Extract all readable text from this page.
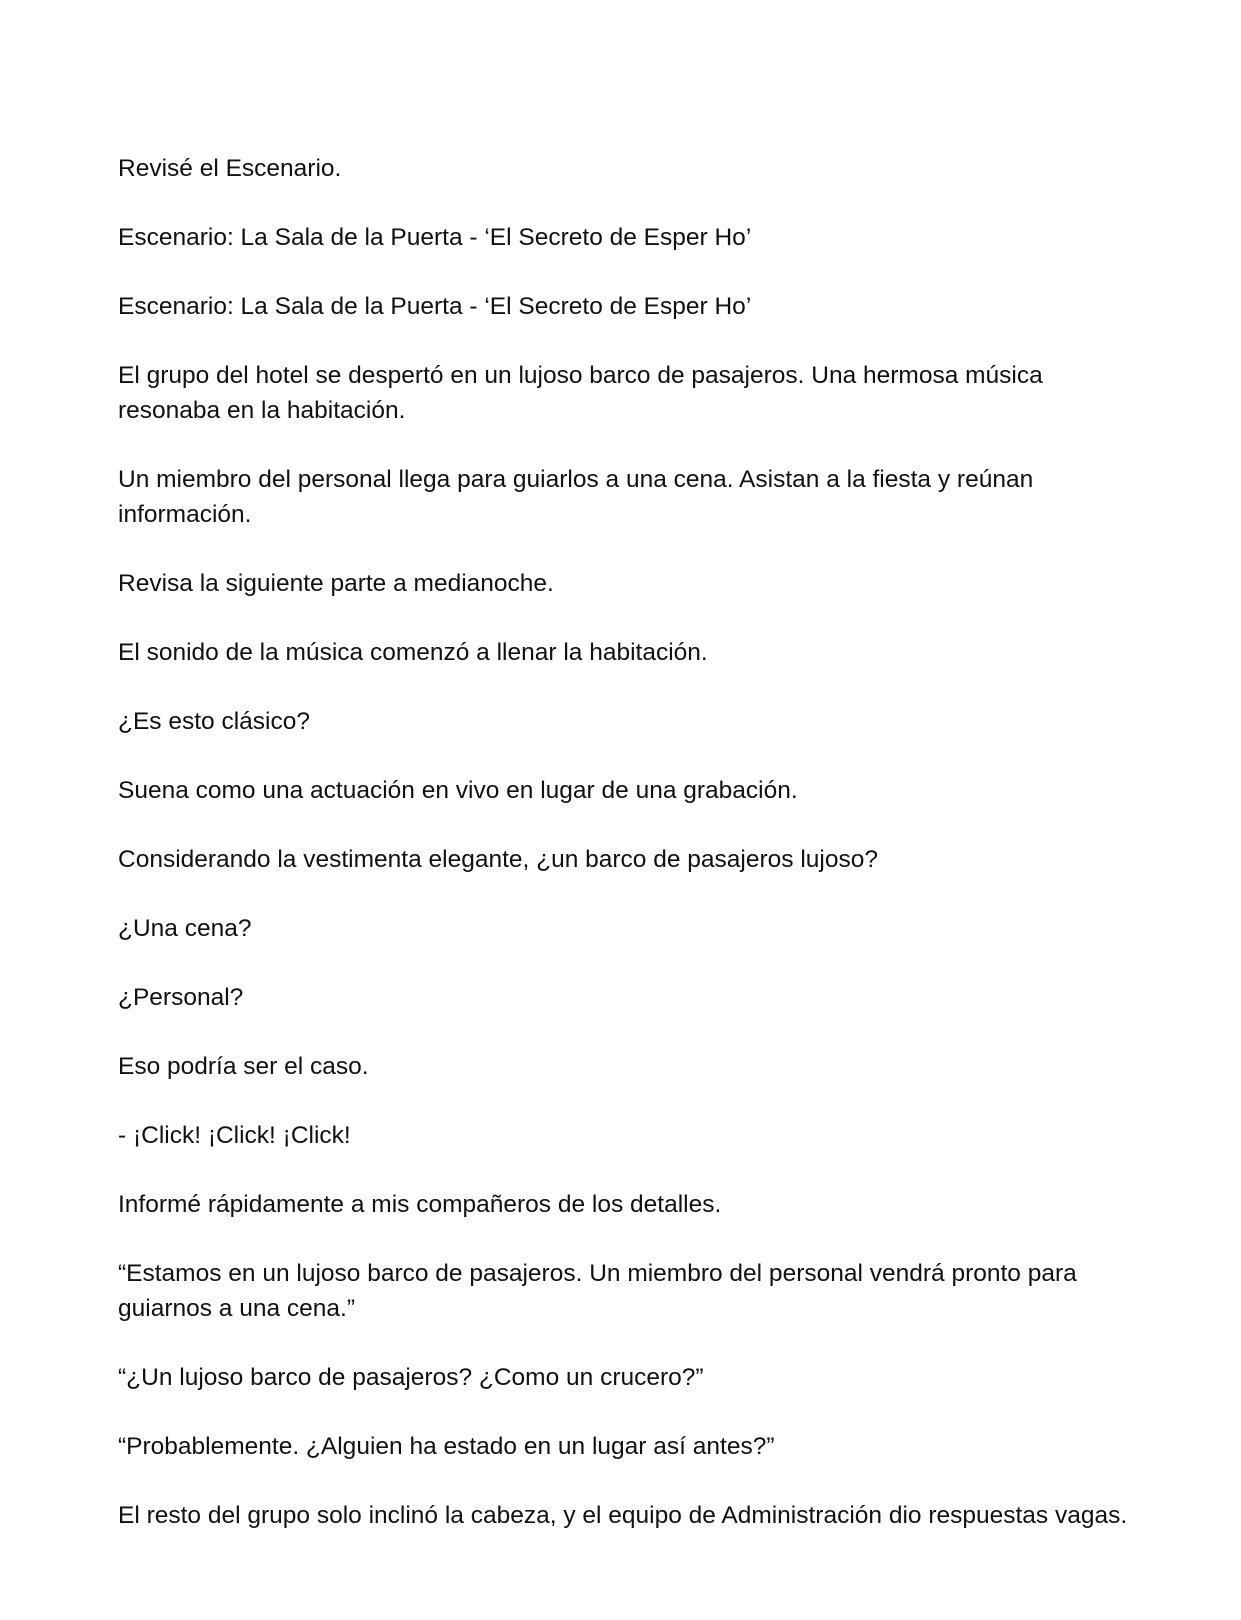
Revisé el Escenario.

Escenario: La Sala de la Puerta - ‘El Secreto de Esper Ho’

Escenario: La Sala de la Puerta - ‘El Secreto de Esper Ho’

El grupo del hotel se despertó en un lujoso barco de pasajeros. Una hermosa música resonaba en la habitación.

Un miembro del personal llega para guiarlos a una cena. Asistan a la fiesta y reúnan información.

Revisa la siguiente parte a medianoche.

El sonido de la música comenzó a llenar la habitación.

¿Es esto clásico?

Suena como una actuación en vivo en lugar de una grabación.

Considerando la vestimenta elegante, ¿un barco de pasajeros lujoso?

¿Una cena?

¿Personal?

Eso podría ser el caso.

- ¡Click! ¡Click! ¡Click!

Informé rápidamente a mis compañeros de los detalles.

“Estamos en un lujoso barco de pasajeros. Un miembro del personal vendrá pronto para guiarnos a una cena.”

“¿Un lujoso barco de pasajeros? ¿Como un crucero?”

“Probablemente. ¿Alguien ha estado en un lugar así antes?”

El resto del grupo solo inclinó la cabeza, y el equipo de Administración dio respuestas vagas.
